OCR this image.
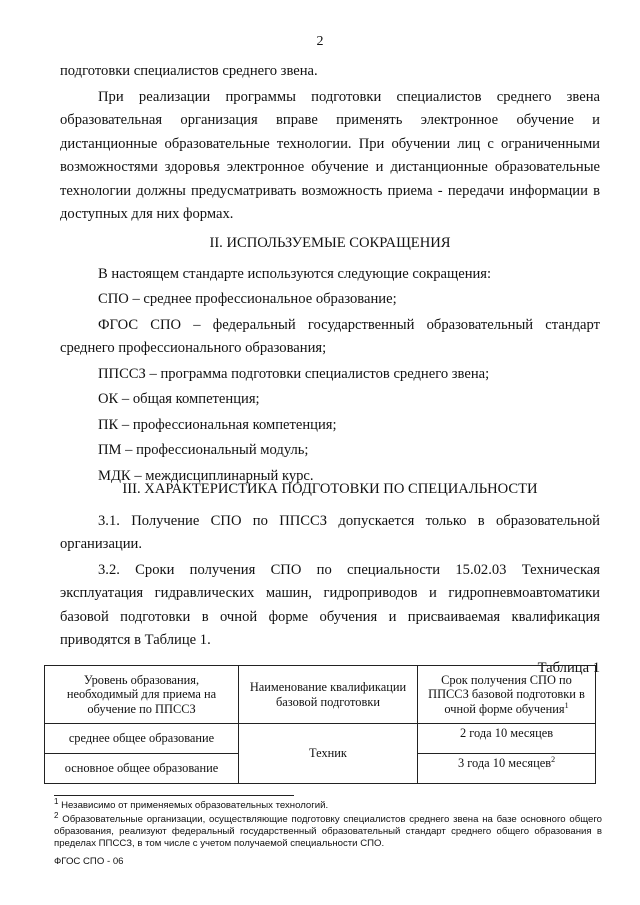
2

подготовки специалистов среднего звена.

При реализации программы подготовки специалистов среднего звена образовательная организация вправе применять электронное обучение и дистанционные образовательные технологии. При обучении лиц с ограниченными возможностями здоровья электронное обучение и дистанционные образовательные технологии должны предусматривать возможность приема - передачи информации в доступных для них формах.

II. ИСПОЛЬЗУЕМЫЕ СОКРАЩЕНИЯ

В настоящем стандарте используются следующие сокращения:

СПО – среднее профессиональное образование;

ФГОС СПО – федеральный государственный образовательный стандарт среднего профессионального образования;

ППССЗ – программа подготовки специалистов среднего звена;

ОК – общая компетенция;

ПК – профессиональная компетенция;

ПМ – профессиональный модуль;

МДК – междисциплинарный курс.

III. ХАРАКТЕРИСТИКА ПОДГОТОВКИ ПО СПЕЦИАЛЬНОСТИ

3.1. Получение СПО по ППССЗ допускается только в образовательной организации.

3.2. Сроки получения СПО по специальности 15.02.03 Техническая эксплуатация гидравлических машин, гидроприводов и гидропневмоавтоматики базовой подготовки в очной форме обучения и присваиваемая квалификация приводятся в Таблице 1.

Таблица 1

Уровень образования, необходимый для приема на обучение по ППССЗ	Наименование квалификации базовой подготовки	Срок получения СПО по ППССЗ базовой подготовки в очной форме обучения$^1$
среднее общее образование	Техник	2 года 10 месяцев
основное общее образование		3 года 10 месяцев$^2$

$^1$ Независимо от применяемых образовательных технологий.

$^2$ Образовательные организации, осуществляющие подготовку специалистов среднего звена на базе основного общего образования, реализуют федеральный государственный образовательный стандарт среднего общего образования в пределах ППССЗ, в том числе с учетом получаемой специальности СПО.

ФГОС СПО - 06
